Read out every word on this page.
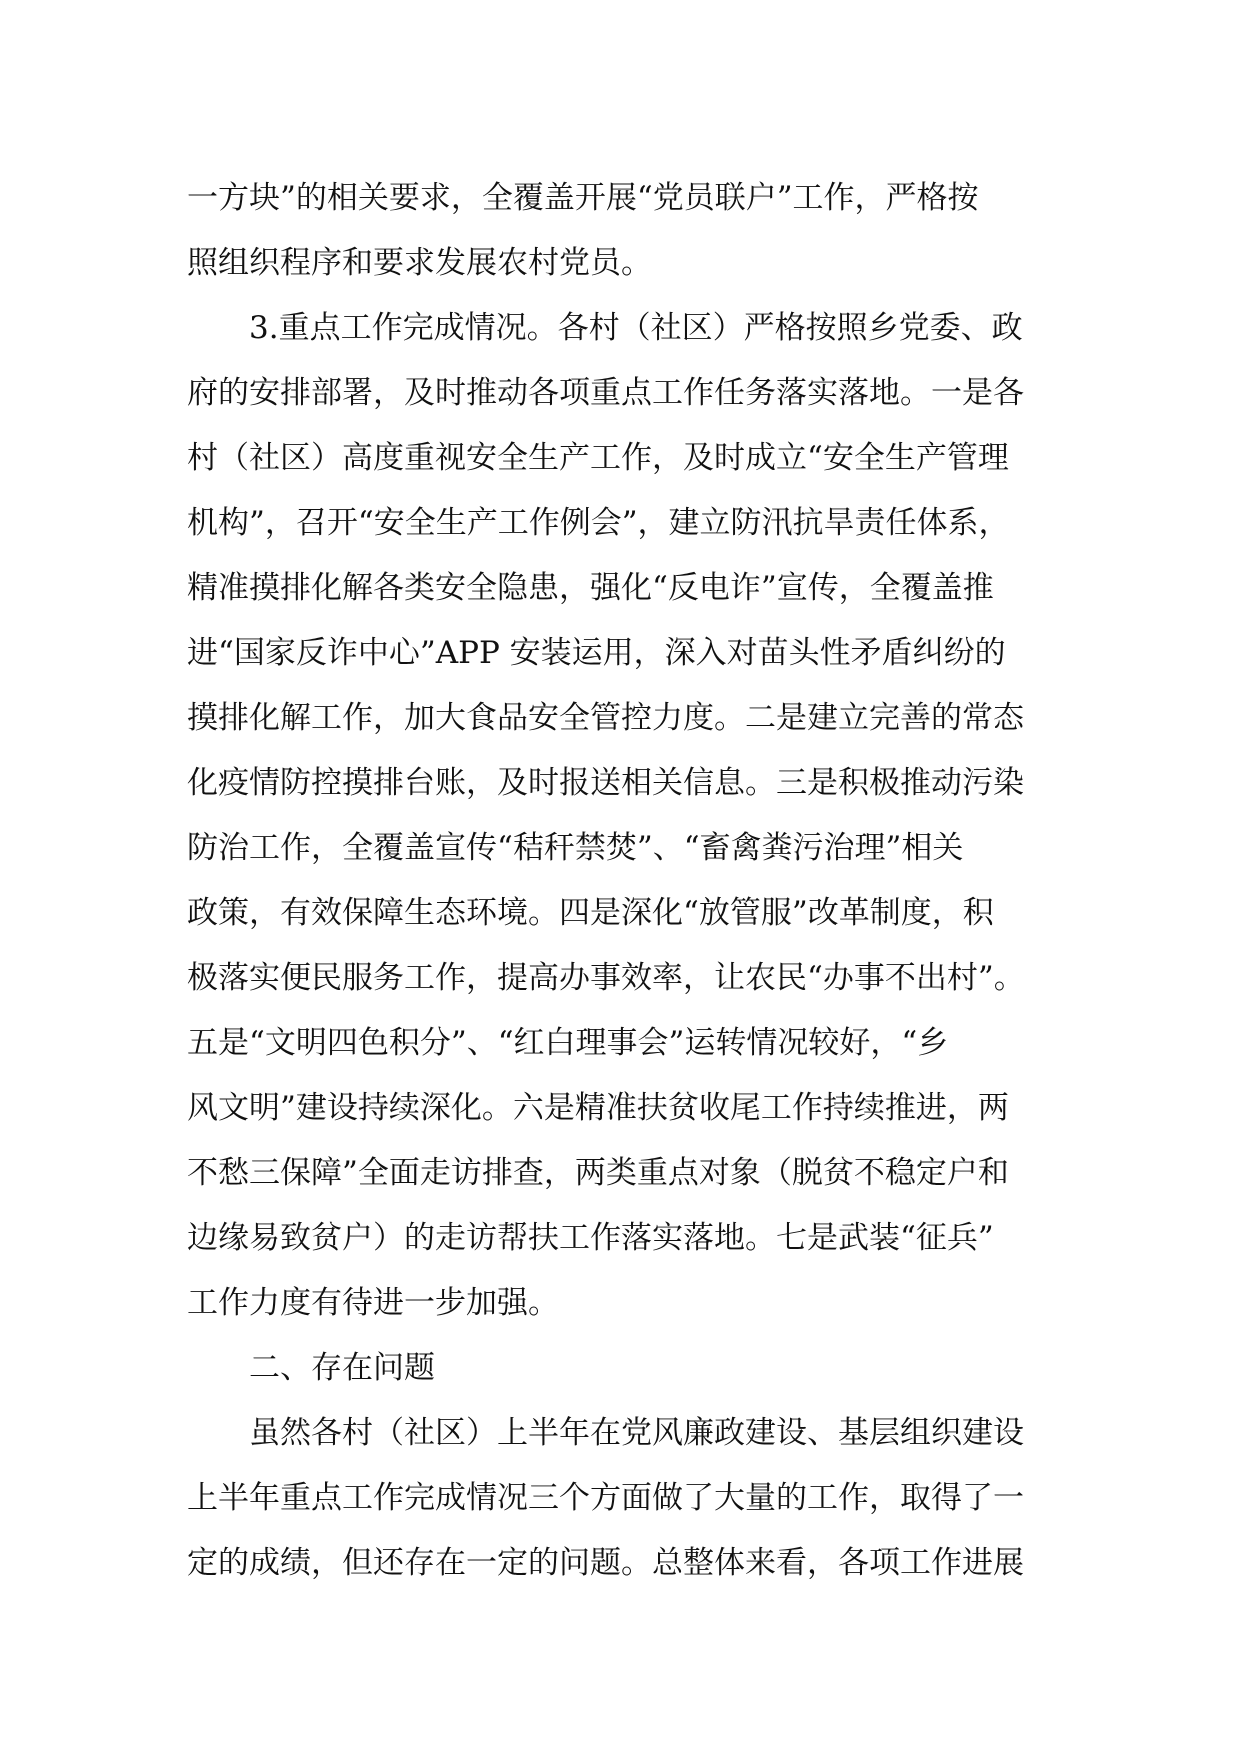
一方块”的相关要求，全覆盖开展“党员联户”工作，严格按
照组织程序和要求发展农村党员。
3.重点工作完成情况。各村（社区）严格按照乡党委、政
府的安排部署，及时推动各项重点工作任务落实落地。一是各
村（社区）高度重视安全生产工作，及时成立“安全生产管理
机构”，召开“安全生产工作例会”，建立防汛抗旱责任体系，
精准摸排化解各类安全隐患，强化“反电诈”宣传，全覆盖推
进“国家反诈中心”APP 安装运用，深入对苗头性矛盾纠纷的
摸排化解工作，加大食品安全管控力度。二是建立完善的常态
化疫情防控摸排台账，及时报送相关信息。三是积极推动污染
防治工作，全覆盖宣传“秸秆禁焚”、“畜禽粪污治理”相关
政策，有效保障生态环境。四是深化“放管服”改革制度，积
极落实便民服务工作，提高办事效率，让农民“办事不出村”。
五是“文明四色积分”、“红白理事会”运转情况较好，“乡
风文明”建设持续深化。六是精准扶贫收尾工作持续推进，两
不愁三保障”全面走访排查，两类重点对象（脱贫不稳定户和
边缘易致贫户）的走访帮扶工作落实落地。七是武装“征兵”
工作力度有待进一步加强。
二、存在问题
虽然各村（社区）上半年在党风廉政建设、基层组织建设
上半年重点工作完成情况三个方面做了大量的工作，取得了一
定的成绩，但还存在一定的问题。总整体来看，各项工作进展
